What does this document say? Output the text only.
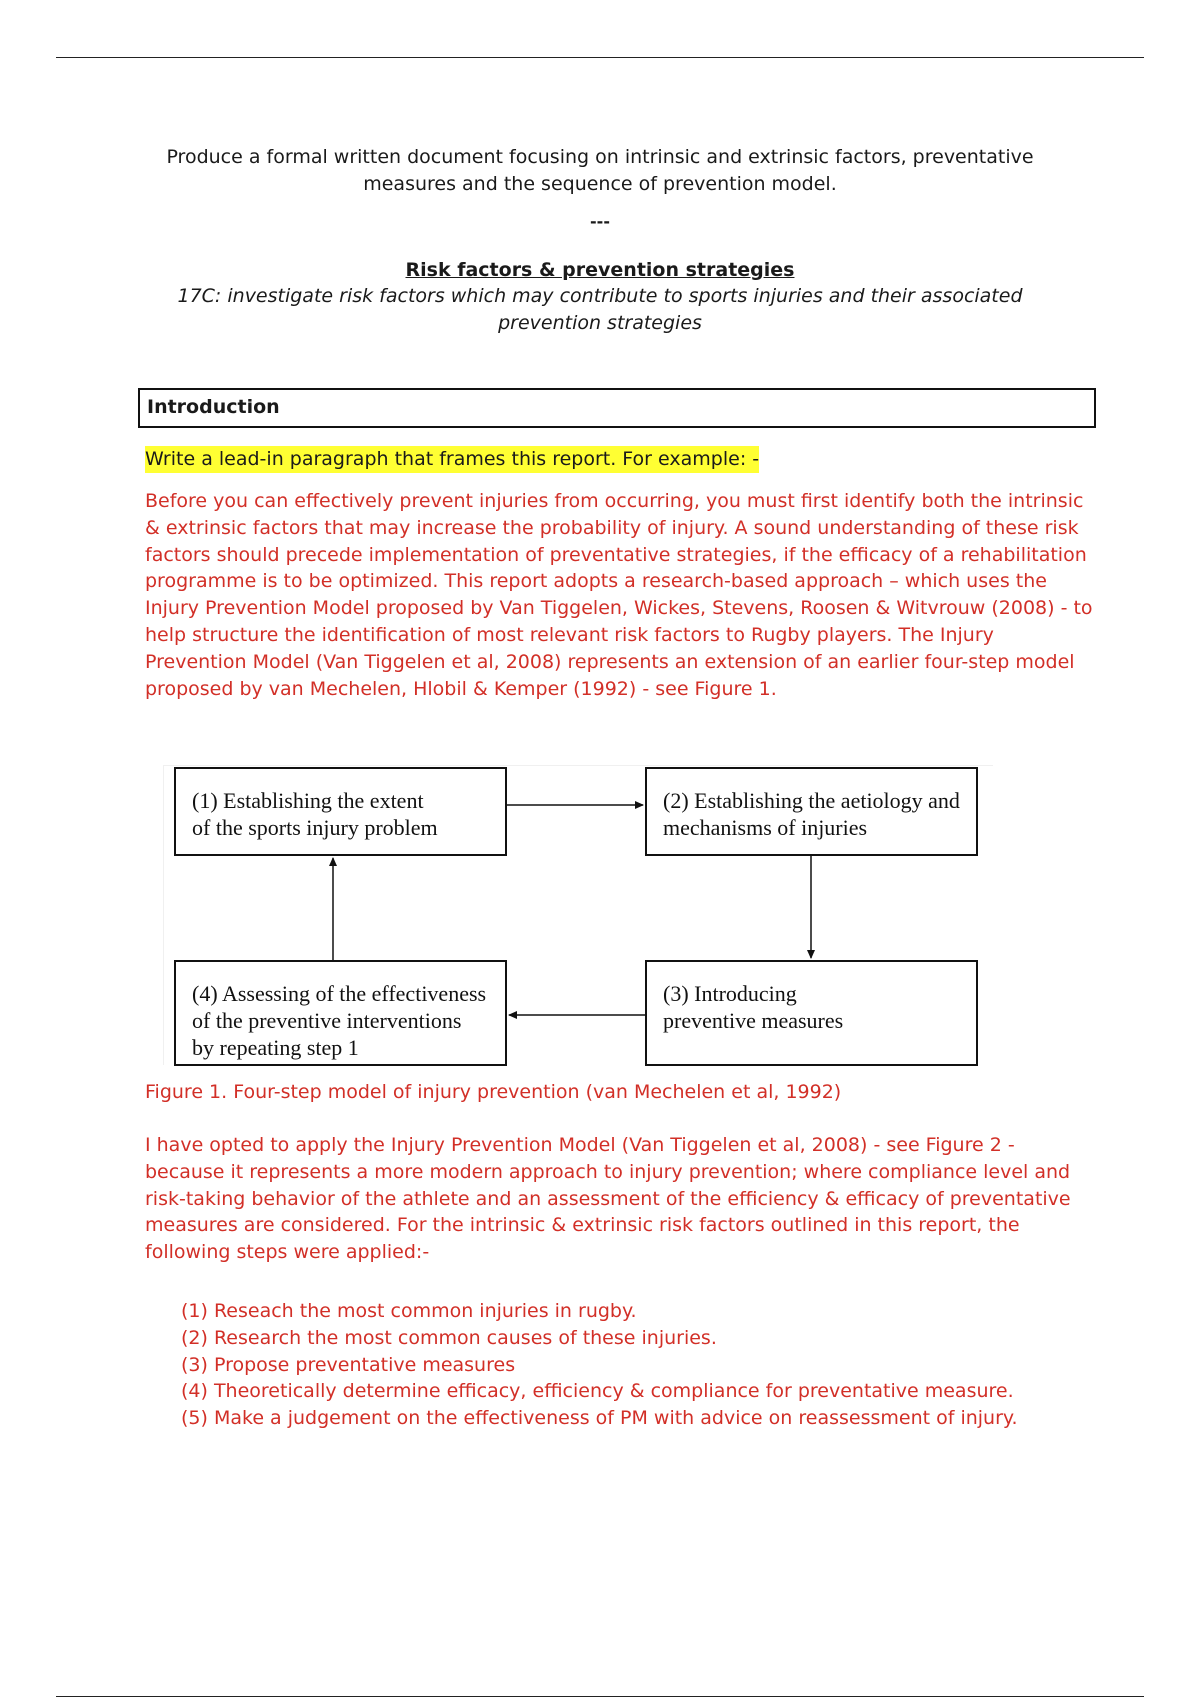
Produce a formal written document focusing on intrinsic and extrinsic factors, preventative measures and the sequence of prevention model.
---
Risk factors & prevention strategies
17C: investigate risk factors which may contribute to sports injuries and their associated prevention strategies
Introduction
Write a lead-in paragraph that frames this report. For example: -
Before you can effectively prevent injuries from occurring, you must first identify both the intrinsic & extrinsic factors that may increase the probability of injury. A sound understanding of these risk factors should precede implementation of preventative strategies, if the efficacy of a rehabilitation programme is to be optimized. This report adopts a research-based approach – which uses the Injury Prevention Model proposed by Van Tiggelen, Wickes, Stevens, Roosen & Witvrouw (2008) - to help structure the identification of most relevant risk factors to Rugby players. The Injury Prevention Model (Van Tiggelen et al, 2008) represents an extension of an earlier four-step model proposed by van Mechelen, Hlobil & Kemper (1992) - see Figure 1.
(1) Establishing the extent
of the sports injury problem
(2) Establishing the aetiology and
mechanisms of injuries
(3) Introducing
preventive measures
(4) Assessing of the effectiveness
of the preventive interventions
by repeating step 1
Figure 1. Four-step model of injury prevention (van Mechelen et al, 1992)
I have opted to apply the Injury Prevention Model (Van Tiggelen et al, 2008) - see Figure 2 - because it represents a more modern approach to injury prevention; where compliance level and risk-taking behavior of the athlete and an assessment of the efficiency & efficacy of preventative measures are considered. For the intrinsic & extrinsic risk factors outlined in this report, the following steps were applied:-
(1) Reseach the most common injuries in rugby.
(2) Research the most common causes of these injuries.
(3) Propose preventative measures
(4) Theoretically determine efficacy, efficiency & compliance for preventative measure.
(5) Make a judgement on the effectiveness of PM with advice on reassessment of injury.
